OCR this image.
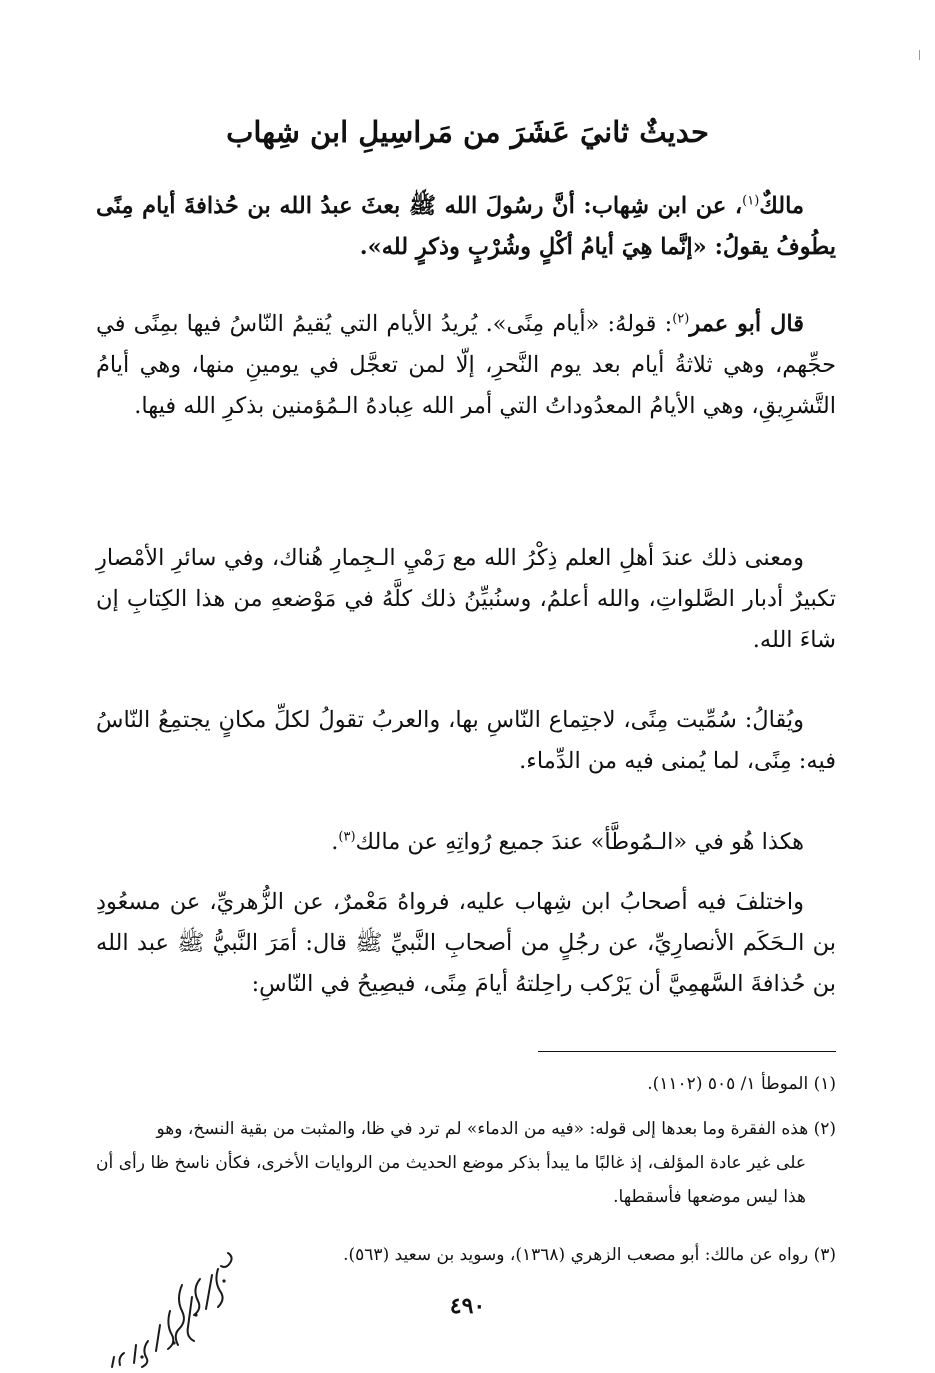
حديثٌ ثانيَ عَشَرَ من مَراسِيلِ ابن شِهاب
مالكٌ$^{(١)}$، عن ابن شِهاب: أنَّ رسُولَ الله ﷺ بعثَ عبدُ الله بن حُذافةَ أيام مِنًى يطُوفُ يقولُ: «إنَّما هِيَ أيامُ أكْلٍ وشُرْبٍ وذكرٍ لله».
قال أبو عمر$^{(٢)}$: قولهُ: «أيام مِنًى». يُريدُ الأيام التي يُقيمُ النّاسُ فيها بمِنًى في حجِّهم، وهي ثلاثةُ أيام بعد يوم النَّحرِ، إلّا لمن تعجَّل في يومينِ منها، وهي أيامُ التَّشرِيقِ، وهي الأيامُ المعدُوداتُ التي أمر الله عِبادهُ الـمُؤمنين بذكرِ الله فيها.
ومعنى ذلك عندَ أهلِ العلم ذِكْرُ الله مع رَمْيِ الـجِمارِ هُناك، وفي سائرِ الأمْصارِ تكبيرٌ أدبار الصَّلواتِ، والله أعلمُ، وسنُبيِّنُ ذلك كلَّهُ في مَوْضعهِ من هذا الكِتابِ إن شاءَ الله.
ويُقالُ: سُمِّيت مِنًى، لاجتِماع النّاسِ بها، والعربُ تقولُ لكلِّ مكانٍ يجتمِعُ النّاسُ فيه: مِنًى، لما يُمنى فيه من الدِّماء.
هكذا هُو في «الـمُوطَّأ» عندَ جميع رُواتِهِ عن مالك$^{(٣)}$.
واختلفَ فيه أصحابُ ابن شِهاب عليه، فرواهُ مَعْمرٌ، عن الزُّهريِّ، عن مسعُودِ بن الـحَكَم الأنصارِيِّ، عن رجُلٍ من أصحابِ النَّبيِّ ﷺ قال: أمَرَ النَّبيُّ ﷺ عبد الله بن حُذافةَ السَّهمِيَّ أن يَرْكب راحِلتهُ أيامَ مِنًى، فيصِيحُ في النّاسِ:
(١) الموطأ ١/ ٥٠٥ (١١٠٢).
(٢) هذه الفقرة وما بعدها إلى قوله: «فيه من الدماء» لم ترد في ظا، والمثبت من بقية النسخ، وهو
على غير عادة المؤلف، إذ غالبًا ما يبدأ بذكر موضع الحديث من الروايات الأخرى، فكأن ناسخ ظا رأى أن هذا ليس موضعها فأسقطها.
(٣) رواه عن مالك: أبو مصعب الزهري (١٣٦٨)، وسويد بن سعيد (٥٦٣).
٤٩٠
